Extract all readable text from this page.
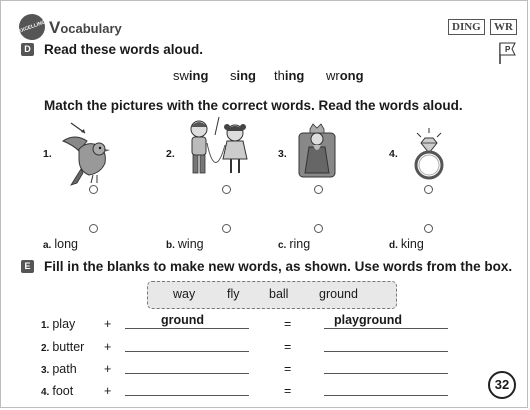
EXCELLING Vocabulary	DING	WR
P
D Read these words aloud.
swing sing thing wrong
Match the pictures with the correct words. Read the words aloud.
1.	2.	3.	4.
a. long	b. wing	c. ring	d. king
E Fill in the blanks to make new words, as shown. Use words from the box.
way	fly ball ground
1. play +	ground	=	playground
2. butter +	=
3. path +	=
4. foot +	=	32
